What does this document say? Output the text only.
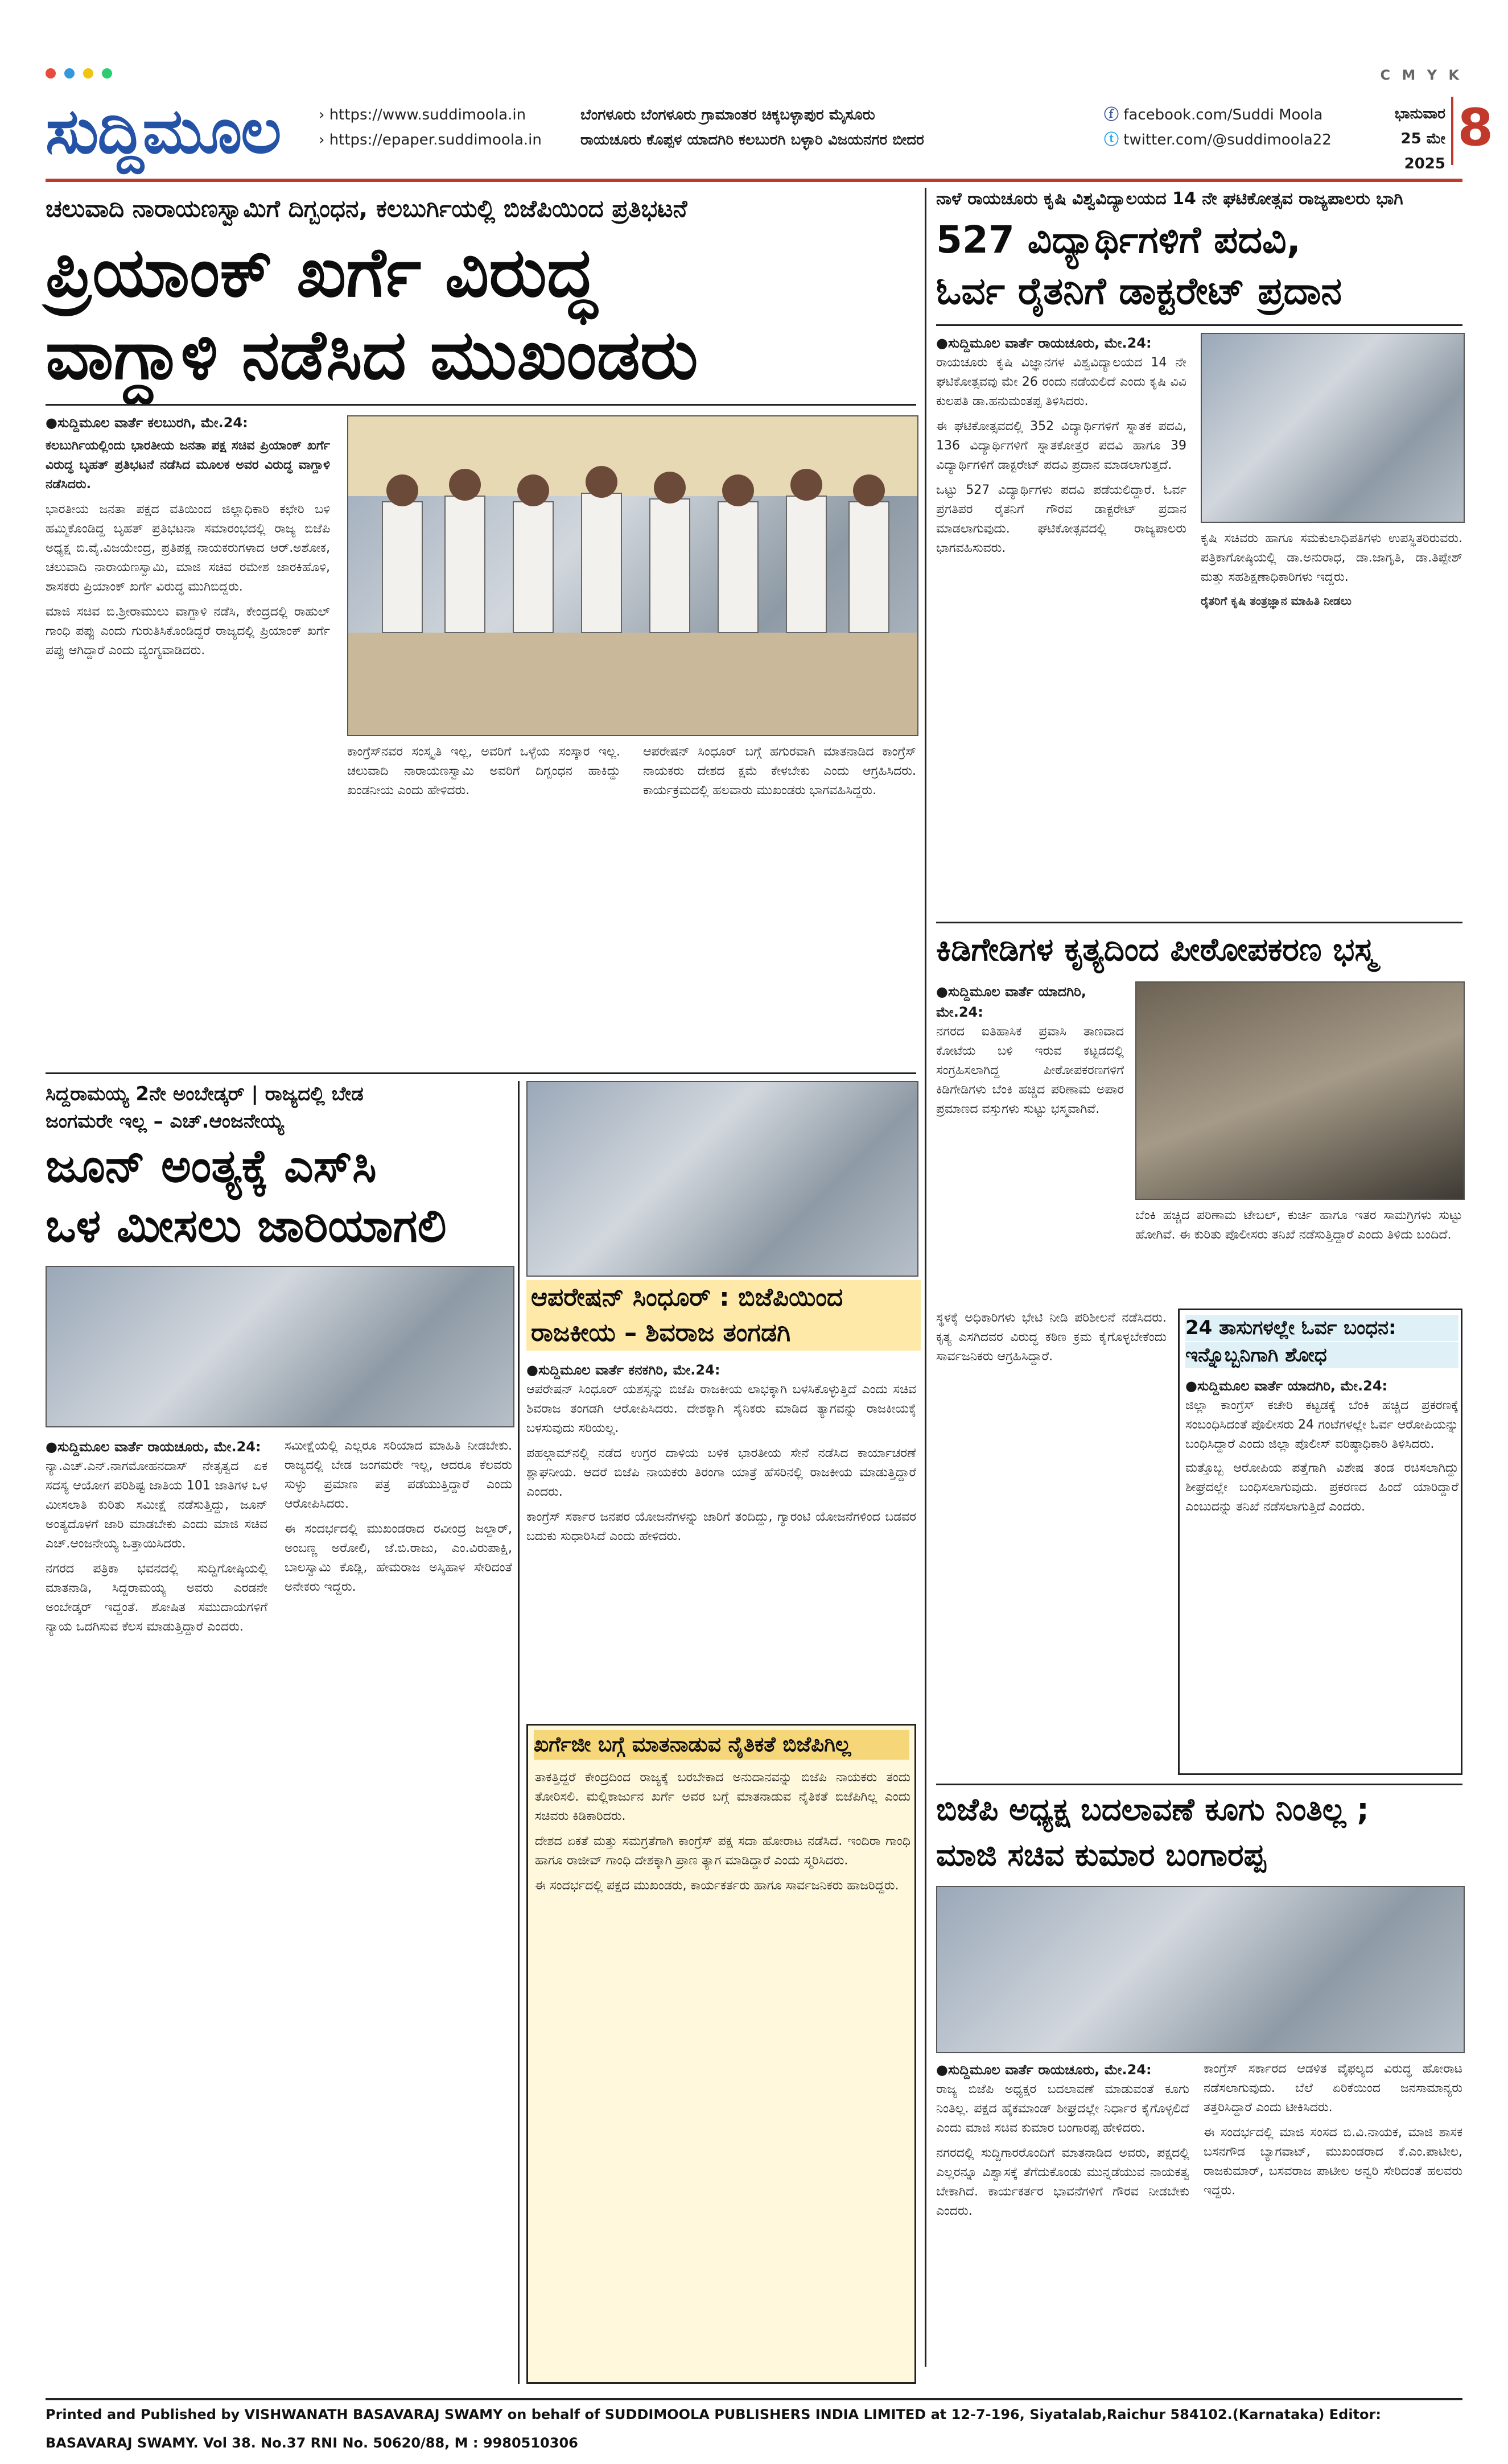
C M Y K
ಸುದ್ದಿಮೂಲ	› https://www.suddimoola.in
› https://epaper.suddimoola.in
ಬೆಂಗಳೂರು ಬೆಂಗಳೂರು ಗ್ರಾಮಾಂತರ ಚಿಕ್ಕಬಳ್ಳಾಪುರ ಮೈಸೂರು
ರಾಯಚೂರು ಕೊಪ್ಪಳ ಯಾದಗಿರಿ ಕಲಬುರಗಿ ಬಳ್ಳಾರಿ ವಿಜಯನಗರ ಬೀದರ
ⓕ facebook.com/Suddi Moola
ⓣ twitter.com/@suddimoola22
ಭಾನುವಾರ
25 ಮೇ 2025
8
ಚಲುವಾದಿ ನಾರಾಯಣಸ್ವಾಮಿಗೆ ದಿಗ್ಬಂಧನ, ಕಲಬುರ್ಗಿಯಲ್ಲಿ ಬಿಜೆಪಿಯಿಂದ ಪ್ರತಿಭಟನೆ
ಪ್ರಿಯಾಂಕ್ ಖರ್ಗೆ ವಿರುದ್ಧ
ವಾಗ್ದಾಳಿ ನಡೆಸಿದ ಮುಖಂಡರು
●ಸುದ್ದಿಮೂಲ ವಾರ್ತೆ ಕಲಬುರಗಿ, ಮೇ.24:
ಕಲಬುರ್ಗಿಯಲ್ಲಿಂದು ಭಾರತೀಯ ಜನತಾ ಪಕ್ಷ ಸಚಿವ ಪ್ರಿಯಾಂಕ್ ಖರ್ಗೆ ವಿರುದ್ಧ ಬೃಹತ್ ಪ್ರತಿಭಟನೆ ನಡೆಸಿದ ಮೂಲಕ ಅವರ ವಿರುದ್ಧ ವಾಗ್ದಾಳಿ ನಡೆಸಿದರು.
ಭಾರತೀಯ ಜನತಾ ಪಕ್ಷದ ವತಿಯಿಂದ ಜಿಲ್ಲಾಧಿಕಾರಿ ಕಛೇರಿ ಬಳಿ ಹಮ್ಮಿಕೊಂಡಿದ್ದ ಬೃಹತ್ ಪ್ರತಿಭಟನಾ ಸಮಾರಂಭದಲ್ಲಿ ರಾಜ್ಯ ಬಿಜೆಪಿ ಅಧ್ಯಕ್ಷ ಬಿ.ವೈ.ವಿಜಯೇಂದ್ರ, ಪ್ರತಿಪಕ್ಷ ನಾಯಕರುಗಳಾದ ಆರ್.ಅಶೋಕ, ಚಲುವಾದಿ ನಾರಾಯಣಸ್ವಾಮಿ, ಮಾಜಿ ಸಚಿವ ರಮೇಶ ಜಾರಕಿಹೊಳಿ, ಶಾಸಕರು ಪ್ರಿಯಾಂಕ್ ಖರ್ಗೆ ವಿರುದ್ಧ ಮುಗಿಬಿದ್ದರು.
ಮಾಜಿ ಸಚಿವ ಬಿ.ಶ್ರೀರಾಮುಲು ವಾಗ್ದಾಳಿ ನಡೆಸಿ, ಕೇಂದ್ರದಲ್ಲಿ ರಾಹುಲ್ ಗಾಂಧಿ ಪಪ್ಪು ಎಂದು ಗುರುತಿಸಿಕೊಂಡಿದ್ದರೆ ರಾಜ್ಯದಲ್ಲಿ ಪ್ರಿಯಾಂಕ್ ಖರ್ಗೆ ಪಪ್ಪು ಆಗಿದ್ದಾರೆ ಎಂದು ವ್ಯಂಗ್ಯವಾಡಿದರು.
ಕಾಂಗ್ರೆಸ್‌ನವರ ಸಂಸ್ಕೃತಿ ಇಲ್ಲ, ಅವರಿಗೆ ಒಳ್ಳೆಯ ಸಂಸ್ಕಾರ ಇಲ್ಲ. ಚಲುವಾದಿ ನಾರಾಯಣಸ್ವಾಮಿ ಅವರಿಗೆ ದಿಗ್ಬಂಧನ ಹಾಕಿದ್ದು ಖಂಡನೀಯ ಎಂದು ಹೇಳಿದರು.
ಆಪರೇಷನ್ ಸಿಂಧೂರ್ ಬಗ್ಗೆ ಹಗುರವಾಗಿ ಮಾತನಾಡಿದ ಕಾಂಗ್ರೆಸ್ ನಾಯಕರು ದೇಶದ ಕ್ಷಮೆ ಕೇಳಬೇಕು ಎಂದು ಆಗ್ರಹಿಸಿದರು. ಕಾರ್ಯಕ್ರಮದಲ್ಲಿ ಹಲವಾರು ಮುಖಂಡರು ಭಾಗವಹಿಸಿದ್ದರು.
ನಾಳೆ ರಾಯಚೂರು ಕೃಷಿ ವಿಶ್ವವಿದ್ಯಾಲಯದ 14 ನೇ ಘಟಿಕೋತ್ಸವ ರಾಜ್ಯಪಾಲರು ಭಾಗಿ
527 ವಿದ್ಯಾರ್ಥಿಗಳಿಗೆ ಪದವಿ,
ಓರ್ವ ರೈತನಿಗೆ ಡಾಕ್ಟರೇಟ್ ಪ್ರದಾನ
●ಸುದ್ದಿಮೂಲ ವಾರ್ತೆ ರಾಯಚೂರು, ಮೇ.24:
ರಾಯಚೂರು ಕೃಷಿ ವಿಜ್ಞಾನಗಳ ವಿಶ್ವವಿದ್ಯಾಲಯದ 14 ನೇ ಘಟಿಕೋತ್ಸವವು ಮೇ 26 ರಂದು ನಡೆಯಲಿದೆ ಎಂದು ಕೃಷಿ ವಿವಿ ಕುಲಪತಿ ಡಾ.ಹನುಮಂತಪ್ಪ ತಿಳಿಸಿದರು.
ಈ ಘಟಿಕೋತ್ಸವದಲ್ಲಿ 352 ವಿದ್ಯಾರ್ಥಿಗಳಿಗೆ ಸ್ನಾತಕ ಪದವಿ, 136 ವಿದ್ಯಾರ್ಥಿಗಳಿಗೆ ಸ್ನಾತಕೋತ್ತರ ಪದವಿ ಹಾಗೂ 39 ವಿದ್ಯಾರ್ಥಿಗಳಿಗೆ ಡಾಕ್ಟರೇಟ್ ಪದವಿ ಪ್ರದಾನ ಮಾಡಲಾಗುತ್ತದೆ.
ಒಟ್ಟು 527 ವಿದ್ಯಾರ್ಥಿಗಳು ಪದವಿ ಪಡೆಯಲಿದ್ದಾರೆ. ಓರ್ವ ಪ್ರಗತಿಪರ ರೈತನಿಗೆ ಗೌರವ ಡಾಕ್ಟರೇಟ್ ಪ್ರದಾನ ಮಾಡಲಾಗುವುದು. ಘಟಿಕೋತ್ಸವದಲ್ಲಿ ರಾಜ್ಯಪಾಲರು ಭಾಗವಹಿಸುವರು.
ಕೃಷಿ ಸಚಿವರು ಹಾಗೂ ಸಮಕುಲಾಧಿಪತಿಗಳು ಉಪಸ್ಥಿತರಿರುವರು. ಪತ್ರಿಕಾಗೋಷ್ಠಿಯಲ್ಲಿ ಡಾ.ಅನುರಾಧ, ಡಾ.ಜಾಗೃತಿ, ಡಾ.ತಿಪ್ಪೇಶ್ ಮತ್ತು ಸಹಶಿಕ್ಷಣಾಧಿಕಾರಿಗಳು ಇದ್ದರು.
ರೈತರಿಗೆ ಕೃಷಿ ತಂತ್ರಜ್ಞಾನ ಮಾಹಿತಿ ನೀಡಲು
ಕಿಡಿಗೇಡಿಗಳ ಕೃತ್ಯದಿಂದ ಪೀಠೋಪಕರಣ ಭಸ್ಮ
●ಸುದ್ದಿಮೂಲ ವಾರ್ತೆ ಯಾದಗಿರಿ, ಮೇ.24:
ನಗರದ ಐತಿಹಾಸಿಕ ಪ್ರವಾಸಿ ತಾಣವಾದ ಕೋಟೆಯ ಬಳಿ ಇರುವ ಕಟ್ಟಡದಲ್ಲಿ ಸಂಗ್ರಹಿಸಲಾಗಿದ್ದ ಪೀಠೋಪಕರಣಗಳಿಗೆ ಕಿಡಿಗೇಡಿಗಳು ಬೆಂಕಿ ಹಚ್ಚಿದ ಪರಿಣಾಮ ಅಪಾರ ಪ್ರಮಾಣದ ವಸ್ತುಗಳು ಸುಟ್ಟು ಭಸ್ಮವಾಗಿವೆ.
ಬೆಂಕಿ ಹಚ್ಚಿದ ಪರಿಣಾಮ ಟೇಬಲ್, ಕುರ್ಚಿ ಹಾಗೂ ಇತರ ಸಾಮಗ್ರಿಗಳು ಸುಟ್ಟು ಹೋಗಿವೆ. ಈ ಕುರಿತು ಪೊಲೀಸರು ತನಿಖೆ ನಡೆಸುತ್ತಿದ್ದಾರೆ ಎಂದು ತಿಳಿದು ಬಂದಿದೆ.
24 ತಾಸುಗಳಲ್ಲೇ ಓರ್ವ ಬಂಧನ:
ಇನ್ನೊಬ್ಬನಿಗಾಗಿ ಶೋಧ
●ಸುದ್ದಿಮೂಲ ವಾರ್ತೆ ಯಾದಗಿರಿ, ಮೇ.24:
ಜಿಲ್ಲಾ ಕಾಂಗ್ರೆಸ್ ಕಚೇರಿ ಕಟ್ಟಡಕ್ಕೆ ಬೆಂಕಿ ಹಚ್ಚಿದ ಪ್ರಕರಣಕ್ಕೆ ಸಂಬಂಧಿಸಿದಂತೆ ಪೊಲೀಸರು 24 ಗಂಟೆಗಳಲ್ಲೇ ಓರ್ವ ಆರೋಪಿಯನ್ನು ಬಂಧಿಸಿದ್ದಾರೆ ಎಂದು ಜಿಲ್ಲಾ ಪೊಲೀಸ್ ವರಿಷ್ಠಾಧಿಕಾರಿ ತಿಳಿಸಿದರು.
ಮತ್ತೊಬ್ಬ ಆರೋಪಿಯ ಪತ್ತೆಗಾಗಿ ವಿಶೇಷ ತಂಡ ರಚಿಸಲಾಗಿದ್ದು ಶೀಘ್ರದಲ್ಲೇ ಬಂಧಿಸಲಾಗುವುದು. ಪ್ರಕರಣದ ಹಿಂದೆ ಯಾರಿದ್ದಾರೆ ಎಂಬುದನ್ನು ತನಿಖೆ ನಡೆಸಲಾಗುತ್ತಿದೆ ಎಂದರು.
ಸ್ಥಳಕ್ಕೆ ಅಧಿಕಾರಿಗಳು ಭೇಟಿ ನೀಡಿ ಪರಿಶೀಲನೆ ನಡೆಸಿದರು. ಕೃತ್ಯ ಎಸಗಿದವರ ವಿರುದ್ಧ ಕಠಿಣ ಕ್ರಮ ಕೈಗೊಳ್ಳಬೇಕೆಂದು ಸಾರ್ವಜನಿಕರು ಆಗ್ರಹಿಸಿದ್ದಾರೆ.
ಸಿದ್ದರಾಮಯ್ಯ 2ನೇ ಅಂಬೇಡ್ಕರ್ | ರಾಜ್ಯದಲ್ಲಿ ಬೇಡ
ಜಂಗಮರೇ ಇಲ್ಲ – ಎಚ್.ಆಂಜನೇಯ್ಯ
ಜೂನ್ ಅಂತ್ಯಕ್ಕೆ ಎಸ್‌ಸಿ
ಒಳ ಮೀಸಲು ಜಾರಿಯಾಗಲಿ
●ಸುದ್ದಿಮೂಲ ವಾರ್ತೆ ರಾಯಚೂರು, ಮೇ.24:
ನ್ಯಾ.ಎಚ್.ಎನ್.ನಾಗಮೋಹನದಾಸ್ ನೇತೃತ್ವದ ಏಕ ಸದಸ್ಯ ಆಯೋಗ ಪರಿಶಿಷ್ಟ ಜಾತಿಯ 101 ಜಾತಿಗಳ ಒಳ ಮೀಸಲಾತಿ ಕುರಿತು ಸಮೀಕ್ಷೆ ನಡೆಸುತ್ತಿದ್ದು, ಜೂನ್ ಅಂತ್ಯದೊಳಗೆ ಜಾರಿ ಮಾಡಬೇಕು ಎಂದು ಮಾಜಿ ಸಚಿವ ಎಚ್.ಆಂಜನೇಯ್ಯ ಒತ್ತಾಯಿಸಿದರು.
ನಗರದ ಪತ್ರಿಕಾ ಭವನದಲ್ಲಿ ಸುದ್ದಿಗೋಷ್ಠಿಯಲ್ಲಿ ಮಾತನಾಡಿ, ಸಿದ್ದರಾಮಯ್ಯ ಅವರು ಎರಡನೇ ಅಂಬೇಡ್ಕರ್ ಇದ್ದಂತೆ. ಶೋಷಿತ ಸಮುದಾಯಗಳಿಗೆ ನ್ಯಾಯ ಒದಗಿಸುವ ಕೆಲಸ ಮಾಡುತ್ತಿದ್ದಾರೆ ಎಂದರು.
ಸಮೀಕ್ಷೆಯಲ್ಲಿ ಎಲ್ಲರೂ ಸರಿಯಾದ ಮಾಹಿತಿ ನೀಡಬೇಕು. ರಾಜ್ಯದಲ್ಲಿ ಬೇಡ ಜಂಗಮರೇ ಇಲ್ಲ, ಆದರೂ ಕೆಲವರು ಸುಳ್ಳು ಪ್ರಮಾಣ ಪತ್ರ ಪಡೆಯುತ್ತಿದ್ದಾರೆ ಎಂದು ಆರೋಪಿಸಿದರು.
ಈ ಸಂದರ್ಭದಲ್ಲಿ ಮುಖಂಡರಾದ ರವೀಂದ್ರ ಜಲ್ದಾರ್, ಅಂಬಣ್ಣ ಅರೋಲಿ, ಜೆ.ಬಿ.ರಾಜು, ಎಂ.ವಿರುಪಾಕ್ಷಿ, ಬಾಲಸ್ವಾಮಿ ಕೊಡ್ಲಿ, ಹೇಮರಾಜ ಅಸ್ಕಿಹಾಳ ಸೇರಿದಂತೆ ಅನೇಕರು ಇದ್ದರು.
ಆಪರೇಷನ್ ಸಿಂಧೂರ್ : ಬಿಜೆಪಿಯಿಂದ
ರಾಜಕೀಯ – ಶಿವರಾಜ ತಂಗಡಗಿ
●ಸುದ್ದಿಮೂಲ ವಾರ್ತೆ ಕನಕಗಿರಿ, ಮೇ.24:
ಆಪರೇಷನ್ ಸಿಂಧೂರ್ ಯಶಸ್ಸನ್ನು ಬಿಜೆಪಿ ರಾಜಕೀಯ ಲಾಭಕ್ಕಾಗಿ ಬಳಸಿಕೊಳ್ಳುತ್ತಿದೆ ಎಂದು ಸಚಿವ ಶಿವರಾಜ ತಂಗಡಗಿ ಆರೋಪಿಸಿದರು. ದೇಶಕ್ಕಾಗಿ ಸೈನಿಕರು ಮಾಡಿದ ತ್ಯಾಗವನ್ನು ರಾಜಕೀಯಕ್ಕೆ ಬಳಸುವುದು ಸರಿಯಲ್ಲ.
ಪಹಲ್ಗಾಮ್‌ನಲ್ಲಿ ನಡೆದ ಉಗ್ರರ ದಾಳಿಯ ಬಳಿಕ ಭಾರತೀಯ ಸೇನೆ ನಡೆಸಿದ ಕಾರ್ಯಾಚರಣೆ ಶ್ಲಾಘನೀಯ. ಆದರೆ ಬಿಜೆಪಿ ನಾಯಕರು ತಿರಂಗಾ ಯಾತ್ರೆ ಹೆಸರಿನಲ್ಲಿ ರಾಜಕೀಯ ಮಾಡುತ್ತಿದ್ದಾರೆ ಎಂದರು.
ಕಾಂಗ್ರೆಸ್ ಸರ್ಕಾರ ಜನಪರ ಯೋಜನೆಗಳನ್ನು ಜಾರಿಗೆ ತಂದಿದ್ದು, ಗ್ಯಾರಂಟಿ ಯೋಜನೆಗಳಿಂದ ಬಡವರ ಬದುಕು ಸುಧಾರಿಸಿದೆ ಎಂದು ಹೇಳಿದರು.
ಖರ್ಗೆಜೀ ಬಗ್ಗೆ ಮಾತನಾಡುವ ನೈತಿಕತೆ ಬಿಜೆಪಿಗಿಲ್ಲ
ತಾಕತ್ತಿದ್ದರೆ ಕೇಂದ್ರದಿಂದ ರಾಜ್ಯಕ್ಕೆ ಬರಬೇಕಾದ ಅನುದಾನವನ್ನು ಬಿಜೆಪಿ ನಾಯಕರು ತಂದು ತೋರಿಸಲಿ. ಮಲ್ಲಿಕಾರ್ಜುನ ಖರ್ಗೆ ಅವರ ಬಗ್ಗೆ ಮಾತನಾಡುವ ನೈತಿಕತೆ ಬಿಜೆಪಿಗಿಲ್ಲ ಎಂದು ಸಚಿವರು ಕಿಡಿಕಾರಿದರು.
ದೇಶದ ಏಕತೆ ಮತ್ತು ಸಮಗ್ರತೆಗಾಗಿ ಕಾಂಗ್ರೆಸ್ ಪಕ್ಷ ಸದಾ ಹೋರಾಟ ನಡೆಸಿದೆ. ಇಂದಿರಾ ಗಾಂಧಿ ಹಾಗೂ ರಾಜೀವ್ ಗಾಂಧಿ ದೇಶಕ್ಕಾಗಿ ಪ್ರಾಣ ತ್ಯಾಗ ಮಾಡಿದ್ದಾರೆ ಎಂದು ಸ್ಮರಿಸಿದರು.
ಈ ಸಂದರ್ಭದಲ್ಲಿ ಪಕ್ಷದ ಮುಖಂಡರು, ಕಾರ್ಯಕರ್ತರು ಹಾಗೂ ಸಾರ್ವಜನಿಕರು ಹಾಜರಿದ್ದರು.
ಬಿಜೆಪಿ ಅಧ್ಯಕ್ಷ ಬದಲಾವಣೆ ಕೂಗು ನಿಂತಿಲ್ಲ ;
ಮಾಜಿ ಸಚಿವ ಕುಮಾರ ಬಂಗಾರಪ್ಪ
●ಸುದ್ದಿಮೂಲ ವಾರ್ತೆ ರಾಯಚೂರು, ಮೇ.24:
ರಾಜ್ಯ ಬಿಜೆಪಿ ಅಧ್ಯಕ್ಷರ ಬದಲಾವಣೆ ಮಾಡುವಂತೆ ಕೂಗು ನಿಂತಿಲ್ಲ. ಪಕ್ಷದ ಹೈಕಮಾಂಡ್ ಶೀಘ್ರದಲ್ಲೇ ನಿರ್ಧಾರ ಕೈಗೊಳ್ಳಲಿದೆ ಎಂದು ಮಾಜಿ ಸಚಿವ ಕುಮಾರ ಬಂಗಾರಪ್ಪ ಹೇಳಿದರು.
ನಗರದಲ್ಲಿ ಸುದ್ದಿಗಾರರೊಂದಿಗೆ ಮಾತನಾಡಿದ ಅವರು, ಪಕ್ಷದಲ್ಲಿ ಎಲ್ಲರನ್ನೂ ವಿಶ್ವಾಸಕ್ಕೆ ತೆಗೆದುಕೊಂಡು ಮುನ್ನಡೆಯುವ ನಾಯಕತ್ವ ಬೇಕಾಗಿದೆ. ಕಾರ್ಯಕರ್ತರ ಭಾವನೆಗಳಿಗೆ ಗೌರವ ನೀಡಬೇಕು ಎಂದರು.
ಕಾಂಗ್ರೆಸ್ ಸರ್ಕಾರದ ಆಡಳಿತ ವೈಫಲ್ಯದ ವಿರುದ್ಧ ಹೋರಾಟ ನಡೆಸಲಾಗುವುದು. ಬೆಲೆ ಏರಿಕೆಯಿಂದ ಜನಸಾಮಾನ್ಯರು ತತ್ತರಿಸಿದ್ದಾರೆ ಎಂದು ಟೀಕಿಸಿದರು.
ಈ ಸಂದರ್ಭದಲ್ಲಿ ಮಾಜಿ ಸಂಸದ ಬಿ.ವಿ.ನಾಯಕ, ಮಾಜಿ ಶಾಸಕ ಬಸನಗೌಡ ಬ್ಯಾಗವಾಟ್, ಮುಖಂಡರಾದ ಕೆ.ಎಂ.ಪಾಟೀಲ, ರಾಜಕುಮಾರ್, ಬಸವರಾಜ ಪಾಟೀಲ ಅನ್ವರಿ ಸೇರಿದಂತೆ ಹಲವರು ಇದ್ದರು.
Printed and Published by VISHWANATH BASAVARAJ SWAMY on behalf of SUDDIMOOLA PUBLISHERS INDIA LIMITED at 12-7-196, Siyatalab,Raichur 584102.(Karnataka) Editor: BASAVARAJ SWAMY. Vol 38. No.37 RNI No. 50620/88, M : 9980510306
